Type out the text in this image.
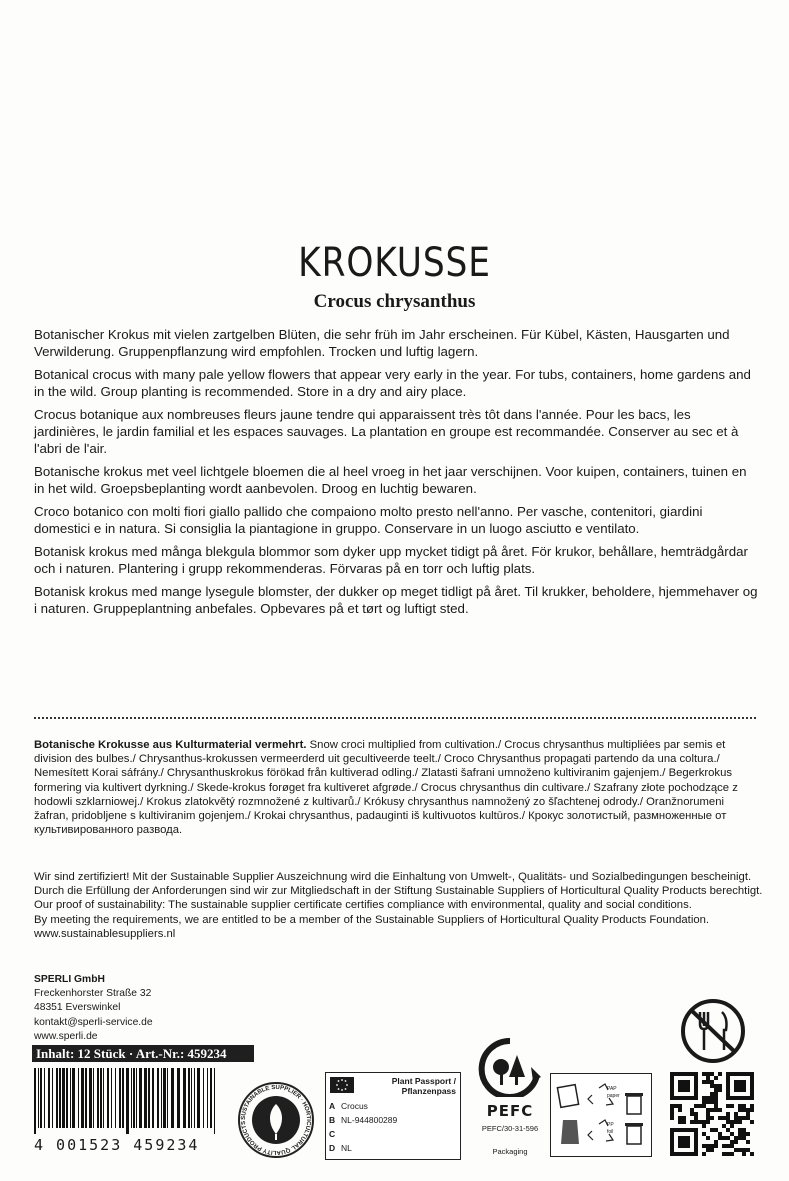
KROKUSSE
Crocus chrysanthus

Botanischer Krokus mit vielen zartgelben Blüten, die sehr früh im Jahr erscheinen. Für Kübel, Kästen, Hausgarten und Verwilderung. Gruppenpflanzung wird empfohlen. Trocken und luftig lagern.

Botanical crocus with many pale yellow flowers that appear very early in the year. For tubs, containers, home gardens and in the wild. Group planting is recommended. Store in a dry and airy place.

Crocus botanique aux nombreuses fleurs jaune tendre qui apparaissent très tôt dans l'année. Pour les bacs, les jardinières, le jardin familial et les espaces sauvages. La plantation en groupe est recommandée. Conserver au sec et à l'abri de l'air.

Botanische krokus met veel lichtgele bloemen die al heel vroeg in het jaar verschijnen. Voor kuipen, containers, tuinen en in het wild. Groepsbeplanting wordt aanbevolen. Droog en luchtig bewaren.

Croco botanico con molti fiori giallo pallido che compaiono molto presto nell'anno. Per vasche, contenitori, giardini domestici e in natura. Si consiglia la piantagione in gruppo. Conservare in un luogo asciutto e ventilato.

Botanisk krokus med många blekgula blommor som dyker upp mycket tidigt på året. För krukor, behållare, hemträdgårdar och i naturen. Plantering i grupp rekommenderas. Förvaras på en torr och luftig plats.

Botanisk krokus med mange lysegule blomster, der dukker op meget tidligt på året. Til krukker, beholdere, hjemmehaver og i naturen. Gruppeplantning anbefales. Opbevares på et tørt og luftigt sted.

Botanische Krokusse aus Kulturmaterial vermehrt. Snow croci multiplied from cultivation./ Crocus chrysanthus multipliées par semis et division des bulbes./ Chrysanthus-krokussen vermeerderd uit gecultiveerde teelt./ Croco Chrysanthus propagati partendo da una coltura./ Nemesített Korai sáfrány./ Chrysanthuskrokus förökad från kultiverad odling./ Zlatasti šafrani umnoženo kultiviranim gajenjem./ Begerkrokus formering via kultivert dyrkning./ Skede-krokus forøget fra kultiveret afgrøde./ Crocus chrysanthus din cultivare./ Szafrany złote pochodzące z hodowli szklarniowej./ Krokus zlatokvětý rozmnožené z kultivarů./ Krókusy chrysanthus namnožený zo šľachtenej odrody./ Oranžnorumeni žafran, pridobljene s kultiviranim gojenjem./ Krokai chrysanthus, padauginti iš kultivuotos kultūros./ Крокус золотистый, размноженные от культивированного развода.
Wir sind zertifiziert! Mit der Sustainable Supplier Auszeichnung wird die Einhaltung von Umwelt-, Qualitäts- und Sozialbedingungen bescheinigt.
Durch die Erfüllung der Anforderungen sind wir zur Mitgliedschaft in der Stiftung Sustainable Suppliers of Horticultural Quality Products berechtigt.
Our proof of sustainability: The sustainable supplier certificate certifies compliance with environmental, quality and social conditions.
By meeting the requirements, we are entitled to be a member of the Sustainable Suppliers of Horticultural Quality Products Foundation.
www.sustainablesuppliers.nl
SPERLI GmbH
Freckenhorster Straße 32
48351 Everswinkel
kontakt@sperli-service.de
www.sperli.de
Inhalt: 12 Stück · Art.-Nr.: 459234
4 001523 459234
SUSTAINABLE SUPPLIER · HORTICULTURAL QUALITY PRODUCTS
Plant Passport /
Pflanzenpass
A Crocus
B NL-944800289
C
D NL
PEFC
PEFC/30-31-596
Packaging
PAP
paper
PP
foil
